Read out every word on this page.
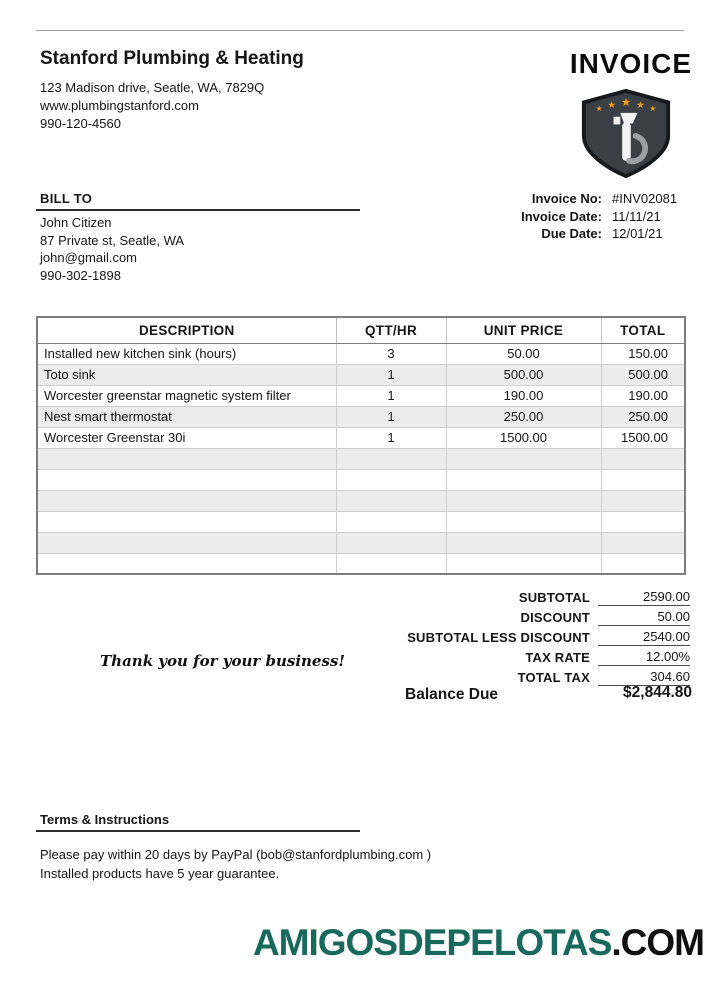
Stanford Plumbing & Heating
123 Madison drive, Seatle, WA, 7829Q
www.plumbingstanford.com
990-120-4560
INVOICE
★ ★ ★ ★ ★
BILL TO
John Citizen
87 Private st, Seatle, WA
john@gmail.com
990-302-1898
Invoice No: #INV02081
Invoice Date: 11/11/21
Due Date: 12/01/21
DESCRIPTION	QTT/HR	UNIT PRICE	TOTAL
Installed new kitchen sink (hours)	3	50.00	150.00
Toto sink	1	500.00	500.00
Worcester greenstar magnetic system filter	1	190.00	190.00
Nest smart thermostat	1	250.00	250.00
Worcester Greenstar 30i	1	1500.00	1500.00

SUBTOTAL	2590.00
DISCOUNT	50.00
SUBTOTAL LESS DISCOUNT	2540.00
TAX RATE	12.00%
TOTAL TAX	304.60
Thank you for your business!
Balance Due	$2,844.80
Terms & Instructions
Please pay within 20 days by PayPal (bob@stanfordplumbing.com )
Installed products have 5 year guarantee.
AMIGOSDEPELOTAS.COM
